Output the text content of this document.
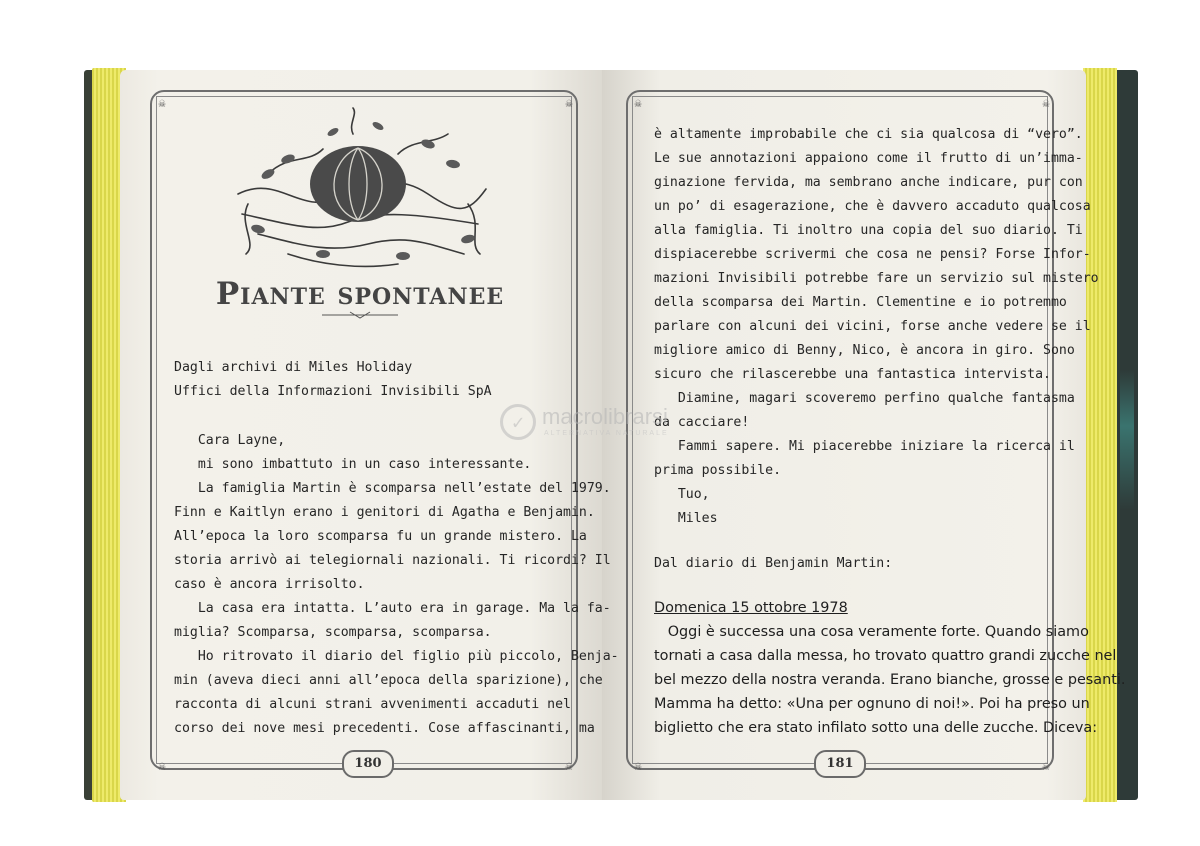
☠	☠
☠	☠
☠	☠
☠	☠
Piante spontanee
Dagli archivi di Miles Holiday
Uffici della Informazioni Invisibili SpA
Cara Layne,
mi sono imbattuto in un caso interessante.
La famiglia Martin è scomparsa nell’estate del 1979.
Finn e Kaitlyn erano i genitori di Agatha e Benjamin.
All’epoca la loro scomparsa fu un grande mistero. La
storia arrivò ai telegiornali nazionali. Ti ricordi? Il
caso è ancora irrisolto.
La casa era intatta. L’auto era in garage. Ma la fa-
miglia? Scomparsa, scomparsa, scomparsa.
Ho ritrovato il diario del figlio più piccolo, Benja-
min (aveva dieci anni all’epoca della sparizione), che
racconta di alcuni strani avvenimenti accaduti nel
corso dei nove mesi precedenti. Cose affascinanti, ma
180
è altamente improbabile che ci sia qualcosa di “vero”.
Le sue annotazioni appaiono come il frutto di un’imma-
ginazione fervida, ma sembrano anche indicare, pur con
un po’ di esagerazione, che è davvero accaduto qualcosa
alla famiglia. Ti inoltro una copia del suo diario. Ti
dispiacerebbe scrivermi che cosa ne pensi? Forse Infor-
mazioni Invisibili potrebbe fare un servizio sul mistero
della scomparsa dei Martin. Clementine e io potremmo
parlare con alcuni dei vicini, forse anche vedere se il
migliore amico di Benny, Nico, è ancora in giro. Sono
sicuro che rilascerebbe una fantastica intervista.
Diamine, magari scoveremo perfino qualche fantasma
da cacciare!
Fammi sapere. Mi piacerebbe iniziare la ricerca il
prima possibile.
Tuo,
Miles
Dal diario di Benjamin Martin:
Domenica 15 ottobre 1978
Oggi è successa una cosa veramente forte. Quando siamo
tornati a casa dalla messa, ho trovato quattro grandi zucche nel
bel mezzo della nostra veranda. Erano bianche, grosse e pesanti.
Mamma ha detto: «Una per ognuno di noi!». Poi ha preso un
biglietto che era stato infilato sotto una delle zucche. Diceva:
181
✓ macrolibrarsi
ALTERNATIVA NATURALE
